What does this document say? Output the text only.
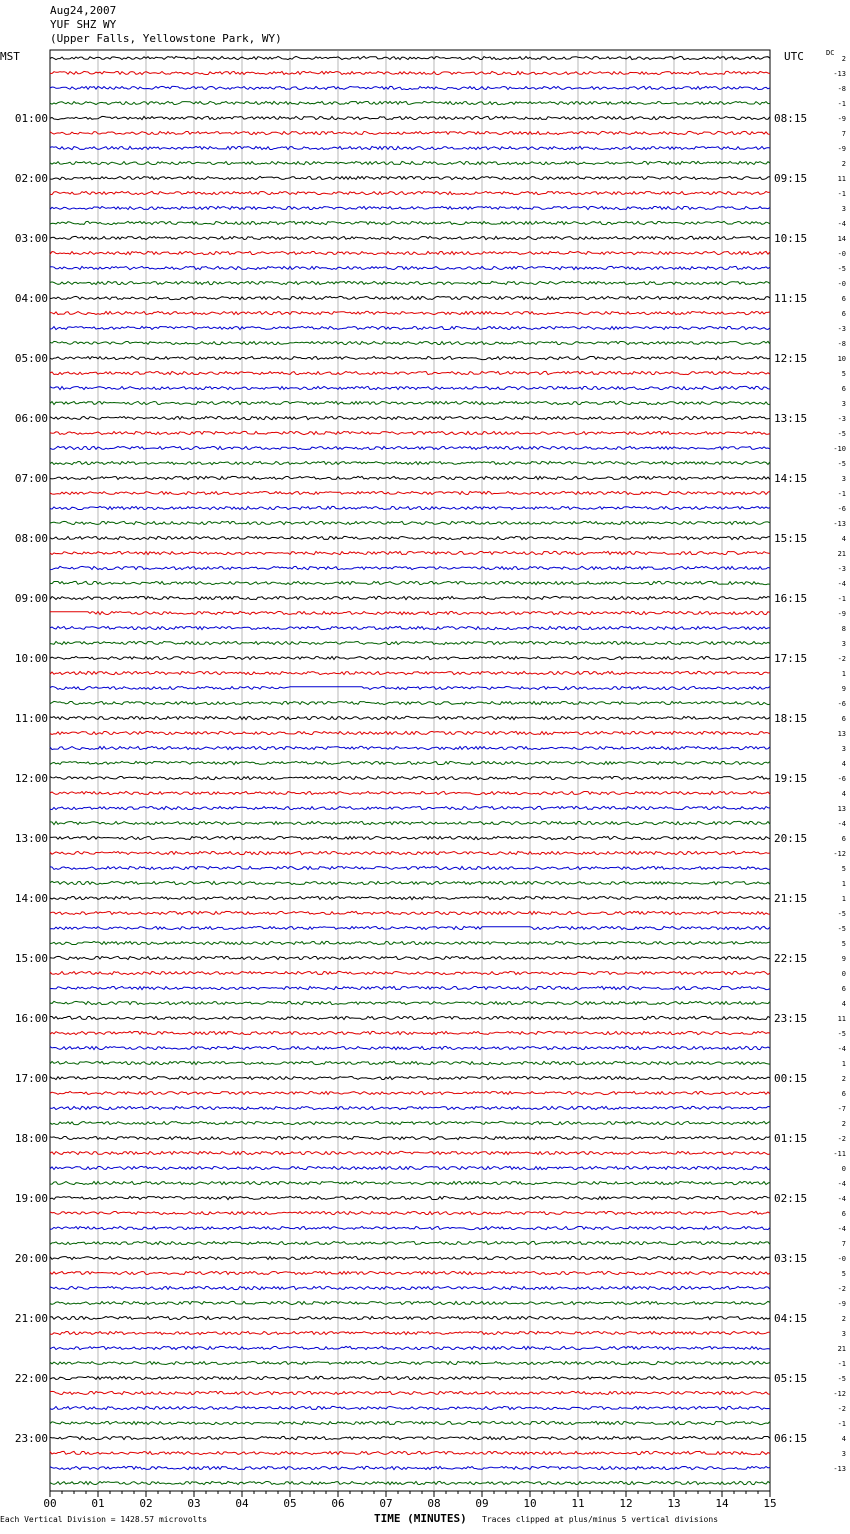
Aug24,2007
YUF SHZ WY
(Upper Falls, Yellowstone Park, WY)
MST	UTC	DC
00	01	02	03	04	05	06	07	08	09	10	11	12	13	14	15
2
-13
-8
-1
-9
7
-9
2
11
-1
3
-4
14
-0
-5
-0
6
6
-3
-8
10
5
6
3
-3
-5
-10
-5
3
-1
-6
-13
4
21
-3
-4
-1
-9
8
3
-2
1
9
-6
6
13
3
4
-6
4
13
-4
6
-12
5
1
1
-5
-5
5
9
0
6
4
11
-5
-4
1
2
6
-7
2
-2
-11
0
-4
-4
6
-4
7
-0
5
-2
-9
2
3
21
-1
-5
-12
-2
-1
4
3
-13
01:00
02:00
03:00
04:00
05:00
06:00
07:00
08:00
09:00
10:00
11:00
12:00
13:00
14:00
15:00
16:00
17:00
18:00
19:00
20:00
21:00
22:00
23:00
08:15
09:15
10:15
11:15
12:15
13:15
14:15
15:15
16:15
17:15
18:15
19:15
20:15
21:15
22:15
23:15
00:15
01:15
02:15
03:15
04:15
05:15
06:15
Each Vertical Division = 1428.57 microvolts	TIME (MINUTES) Traces clipped at plus/minus 5 vertical divisions
